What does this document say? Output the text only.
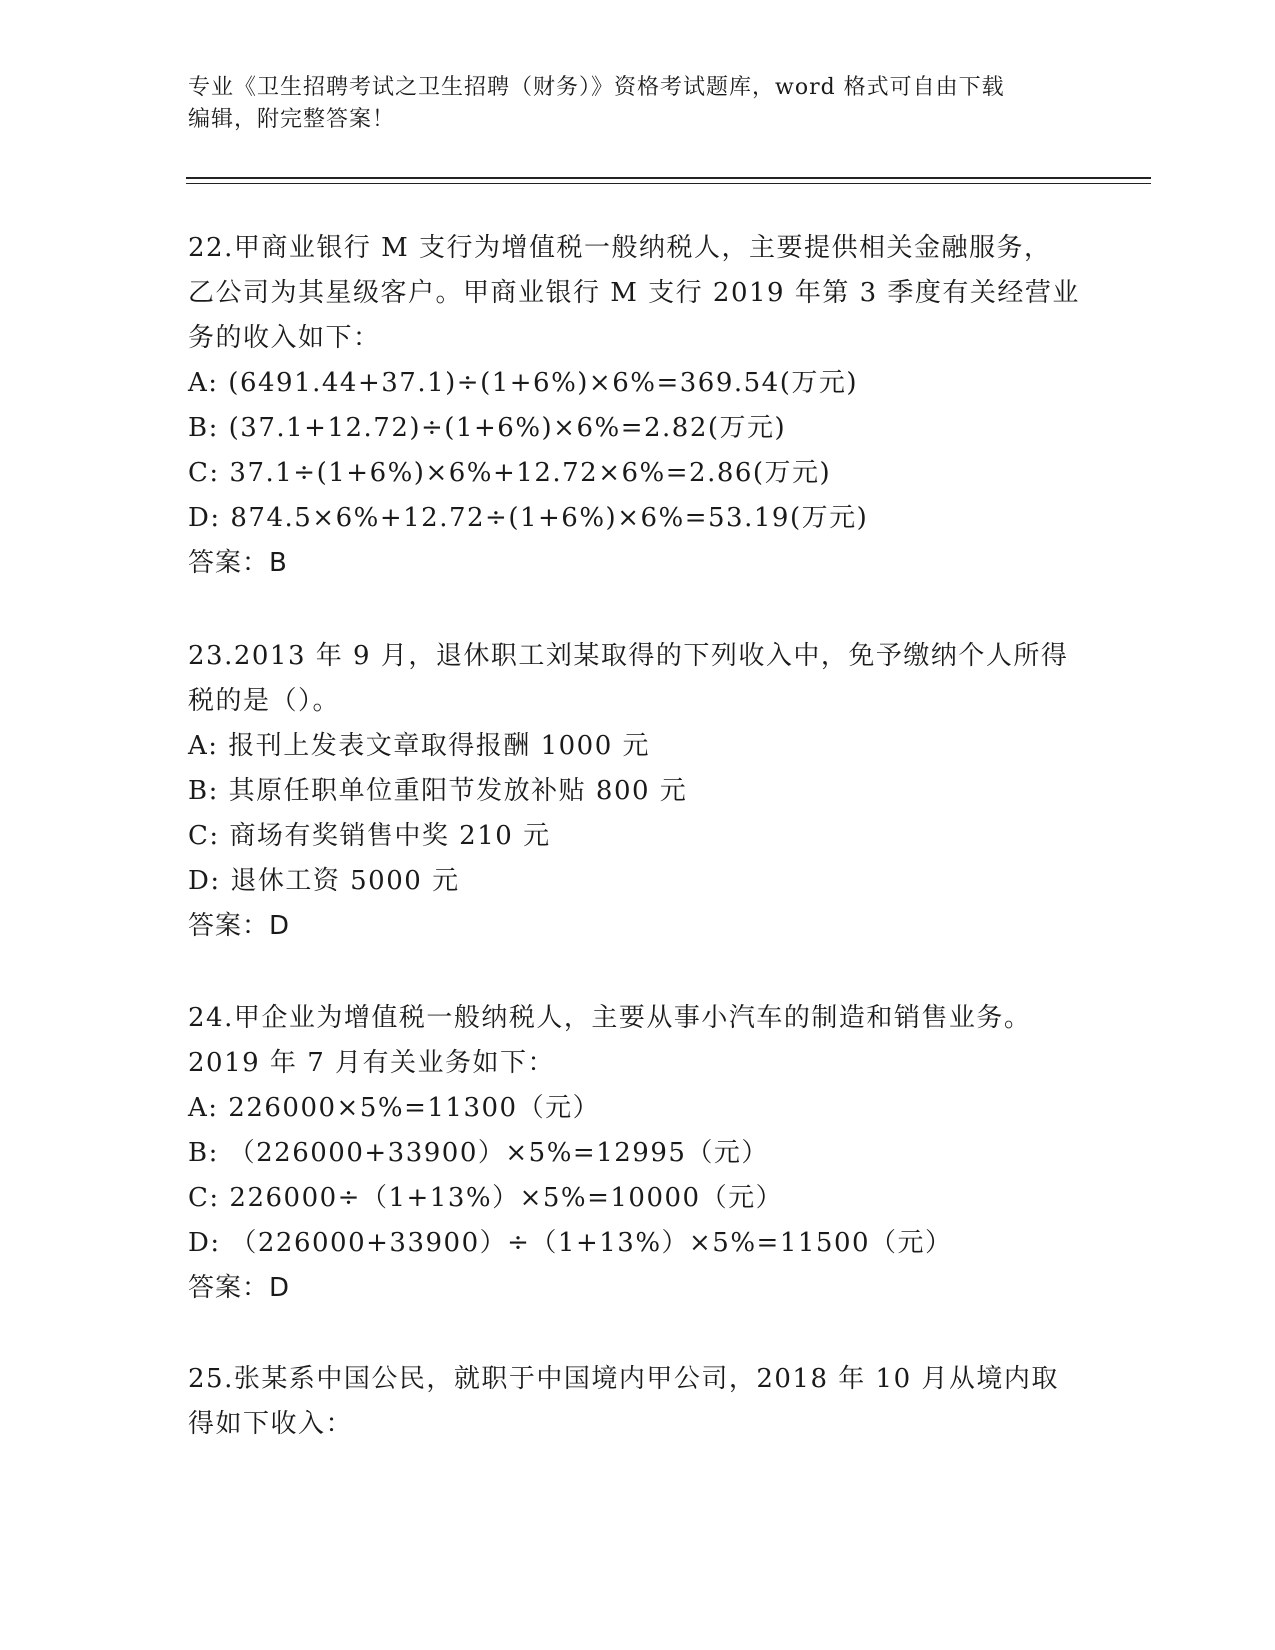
专业《卫生招聘考试之卫生招聘（财务）》资格考试题库，word 格式可自由下载
编辑，附完整答案！
22.甲商业银行 M 支行为增值税一般纳税人，主要提供相关金融服务，
乙公司为其星级客户。甲商业银行 M 支行 2019 年第 3 季度有关经营业
务的收入如下：
A: (6491.44+37.1)÷(1+6%)×6%=369.54(万元)
B: (37.1+12.72)÷(1+6%)×6%=2.82(万元)
C: 37.1÷(1+6%)×6%+12.72×6%=2.86(万元)
D: 874.5×6%+12.72÷(1+6%)×6%=53.19(万元)
答案：B
23.2013 年 9 月，退休职工刘某取得的下列收入中，免予缴纳个人所得
税的是（）。
A: 报刊上发表文章取得报酬 1000 元
B: 其原任职单位重阳节发放补贴 800 元
C: 商场有奖销售中奖 210 元
D: 退休工资 5000 元
答案：D
24.甲企业为增值税一般纳税人，主要从事小汽车的制造和销售业务。
2019 年 7 月有关业务如下：
A: 226000×5%=11300（元）
B: （226000+33900）×5%=12995（元）
C: 226000÷（1+13%）×5%=10000（元）
D: （226000+33900）÷（1+13%）×5%=11500（元）
答案：D
25.张某系中国公民，就职于中国境内甲公司，2018 年 10 月从境内取
得如下收入：
